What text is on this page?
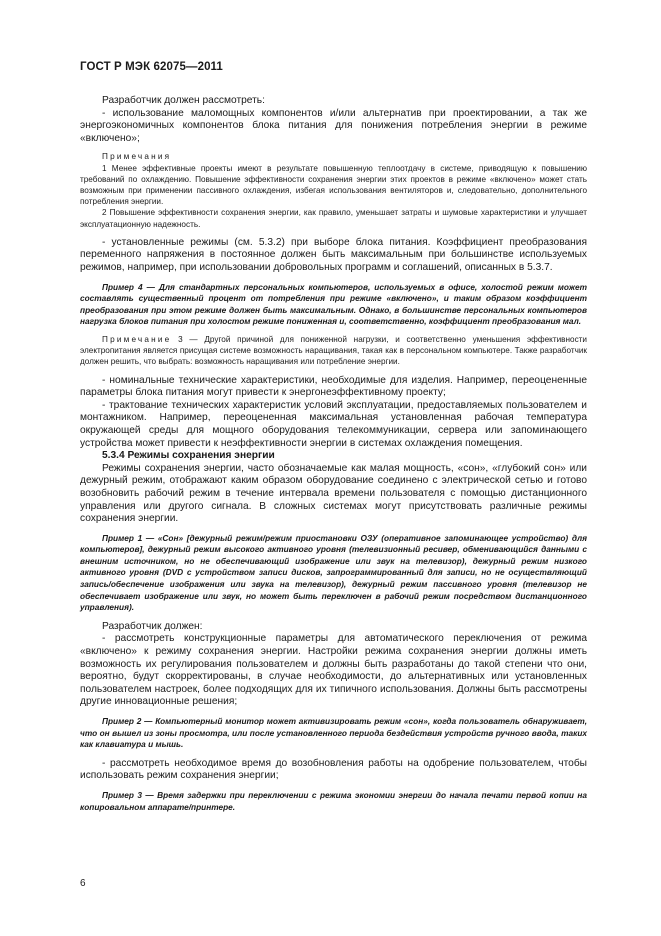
ГОСТ Р МЭК 62075—2011

Разработчик должен рассмотреть:

- использование маломощных компонентов и/или альтернатив при проектировании, а так же энергоэкономичных компонентов блока питания для понижения потребления энергии в режиме «включено»;

Примечания

1 Менее эффективные проекты имеют в результате повышенную теплоотдачу в системе, приводящую к повышению требований по охлаждению. Повышение эффективности сохранения энергии этих проектов в режиме «включено» может стать возможным при применении пассивного охлаждения, избегая использования вентиляторов и, следовательно, дополнительного потребления энергии.

2 Повышение эффективности сохранения энергии, как правило, уменьшает затраты и шумовые характеристики и улучшает эксплуатационную надежность.

- установленные режимы (см. 5.3.2) при выборе блока питания. Коэффициент преобразования переменного напряжения в постоянное должен быть максимальным при большинстве используемых режимов, например, при использовании добровольных программ и соглашений, описанных в 5.3.7.

Пример 4 — Для стандартных персональных компьютеров, используемых в офисе, холостой режим может составлять существенный процент от потребления при режиме «включено», и таким образом коэффициент преобразования при этом режиме должен быть максимальным. Однако, в большинстве персональных компьютеров нагрузка блоков питания при холостом режиме пониженная и, соответственно, коэффициент преобразования мал.

Примечание 3 — Другой причиной для пониженной нагрузки, и соответственно уменьшения эффективности электропитания является присущая системе возможность наращивания, такая как в персональном компьютере. Также разработчик должен решить, что выбрать: возможность наращивания или потребление энергии.

- номинальные технические характеристики, необходимые для изделия. Например, переоцененные параметры блока питания могут привести к энергонеэффективному проекту;

- трактование технических характеристик условий эксплуатации, предоставляемых пользователем и монтажником. Например, переоцененная максимальная установленная рабочая температура окружающей среды для мощного оборудования телекоммуникации, сервера или запоминающего устройства может привести к неэффективности энергии в системах охлаждения помещения.

5.3.4 Режимы сохранения энергии

Режимы сохранения энергии, часто обозначаемые как малая мощность, «сон», «глубокий сон» или дежурный режим, отображают каким образом оборудование соединено с электрической сетью и готово возобновить рабочий режим в течение интервала времени пользователя с помощью дистанционного управления или другого сигнала. В сложных системах могут присутствовать различные режимы сохранения энергии.

Пример 1 — «Сон» [дежурный режим/режим приостановки ОЗУ (оперативное запоминающее устройство) для компьютеров], дежурный режим высокого активного уровня (телевизионный ресивер, обменивающийся данными с внешним источником, но не обеспечивающий изображение или звук на телевизор), дежурный режим низкого активного уровня (DVD с устройством записи дисков, запрограммированный для записи, но не осуществляющий запись/обеспечение изображения или звука на телевизор), дежурный режим пассивного уровня (телевизор не обеспечивает изображение или звук, но может быть переключен в рабочий режим посредством дистанционного управления).

Разработчик должен:

- рассмотреть конструкционные параметры для автоматического переключения от режима «включено» к режиму сохранения энергии. Настройки режима сохранения энергии должны иметь возможность их регулирования пользователем и должны быть разработаны до такой степени что они, вероятно, будут скорректированы, в случае необходимости, до альтернативных или установленных пользователем настроек, более подходящих для их типичного использования. Должны быть рассмотрены другие инновационные решения;

Пример 2 — Компьютерный монитор может активизировать режим «сон», когда пользователь обнаруживает, что он вышел из зоны просмотра, или после установленного периода бездействия устройств ручного ввода, таких как клавиатура и мышь.

- рассмотреть необходимое время до возобновления работы на одобрение пользователем, чтобы использовать режим сохранения энергии;

Пример 3 — Время задержки при переключении с режима экономии энергии до начала печати первой копии на копировальном аппарате/принтере.

6
